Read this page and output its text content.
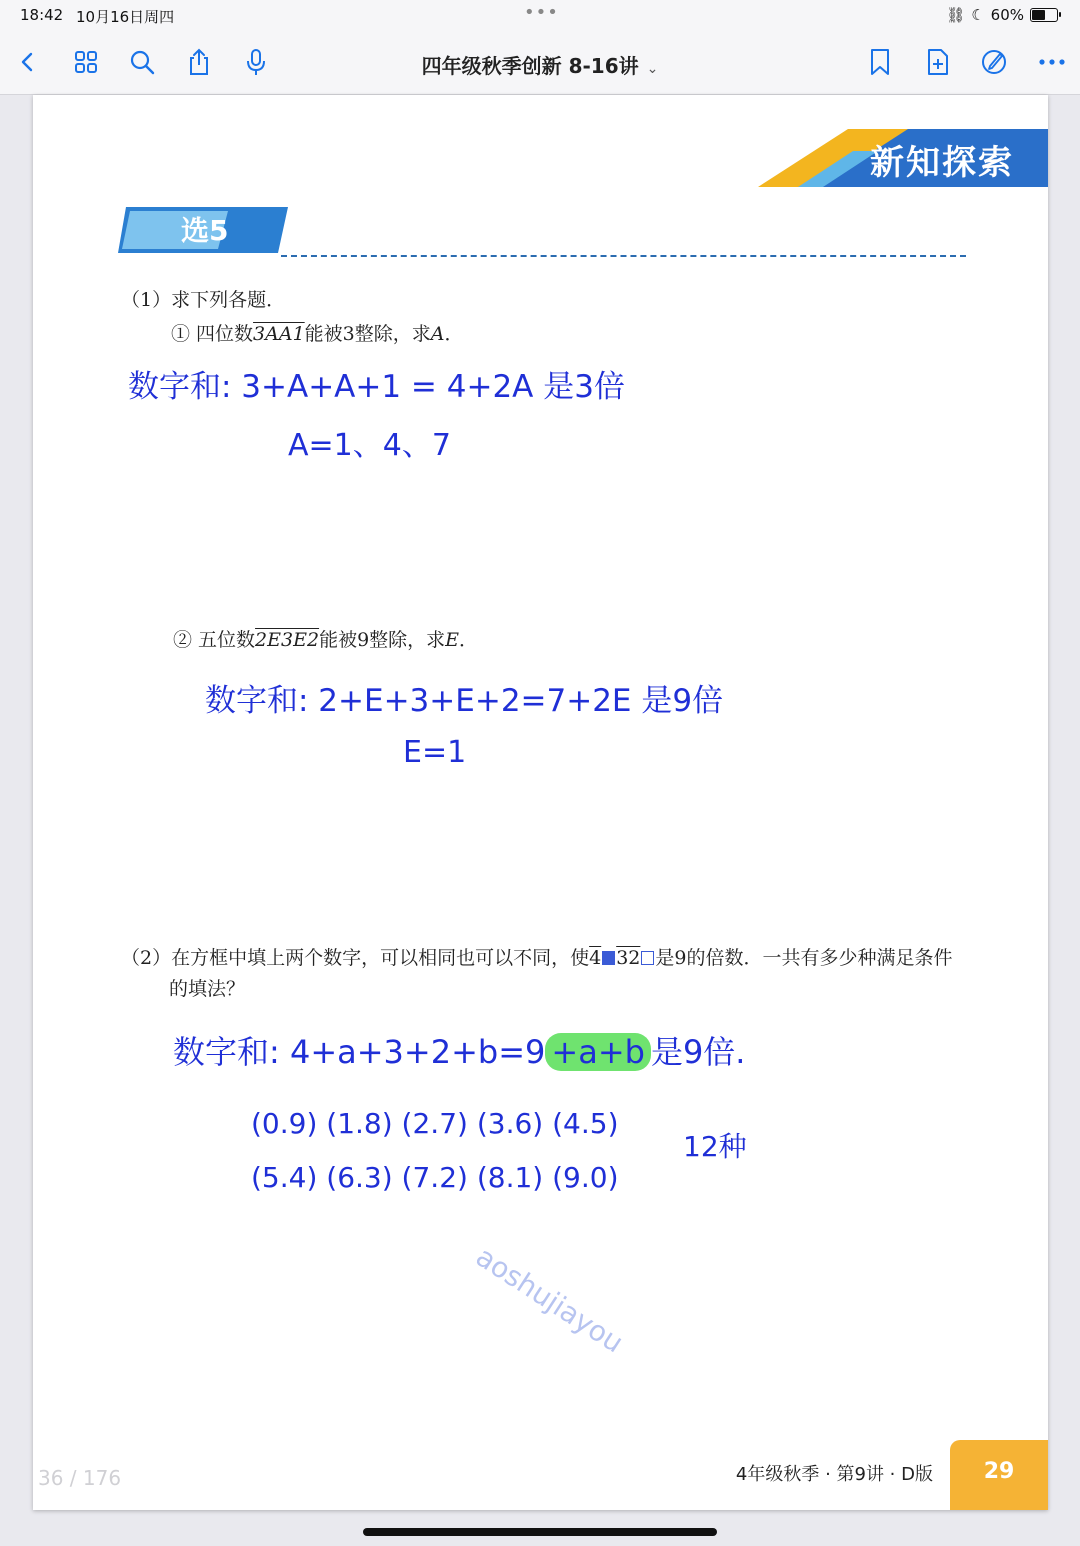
18:42 10月16日周四	•••	⛓ ☾ 60%
四年级秋季创新 8-16讲 ⌄
新知探索
选5
（1）求下列各题．
① 四位数3AA1能被3整除，求A．
数字和: 3+A+A+1 = 4+2A 是3倍
A=1、4、7
② 五位数2E3E2能被9整除，求E．
数字和: 2+E+3+E+2=7+2E 是9倍
E=1
（2）在方框中填上两个数字，可以相同也可以不同，使4 32 是9的倍数．一共有多少种满足条件
的填法？
数字和: 4+a+3+2+b=9 +a+b 是9倍.
(0.9) (1.8) (2.7) (3.6) (4.5)
(5.4) (6.3) (7.2) (8.1) (9.0)
12种
aoshujiayou
4年级秋季 · 第9讲 · D版	29
36 / 176
